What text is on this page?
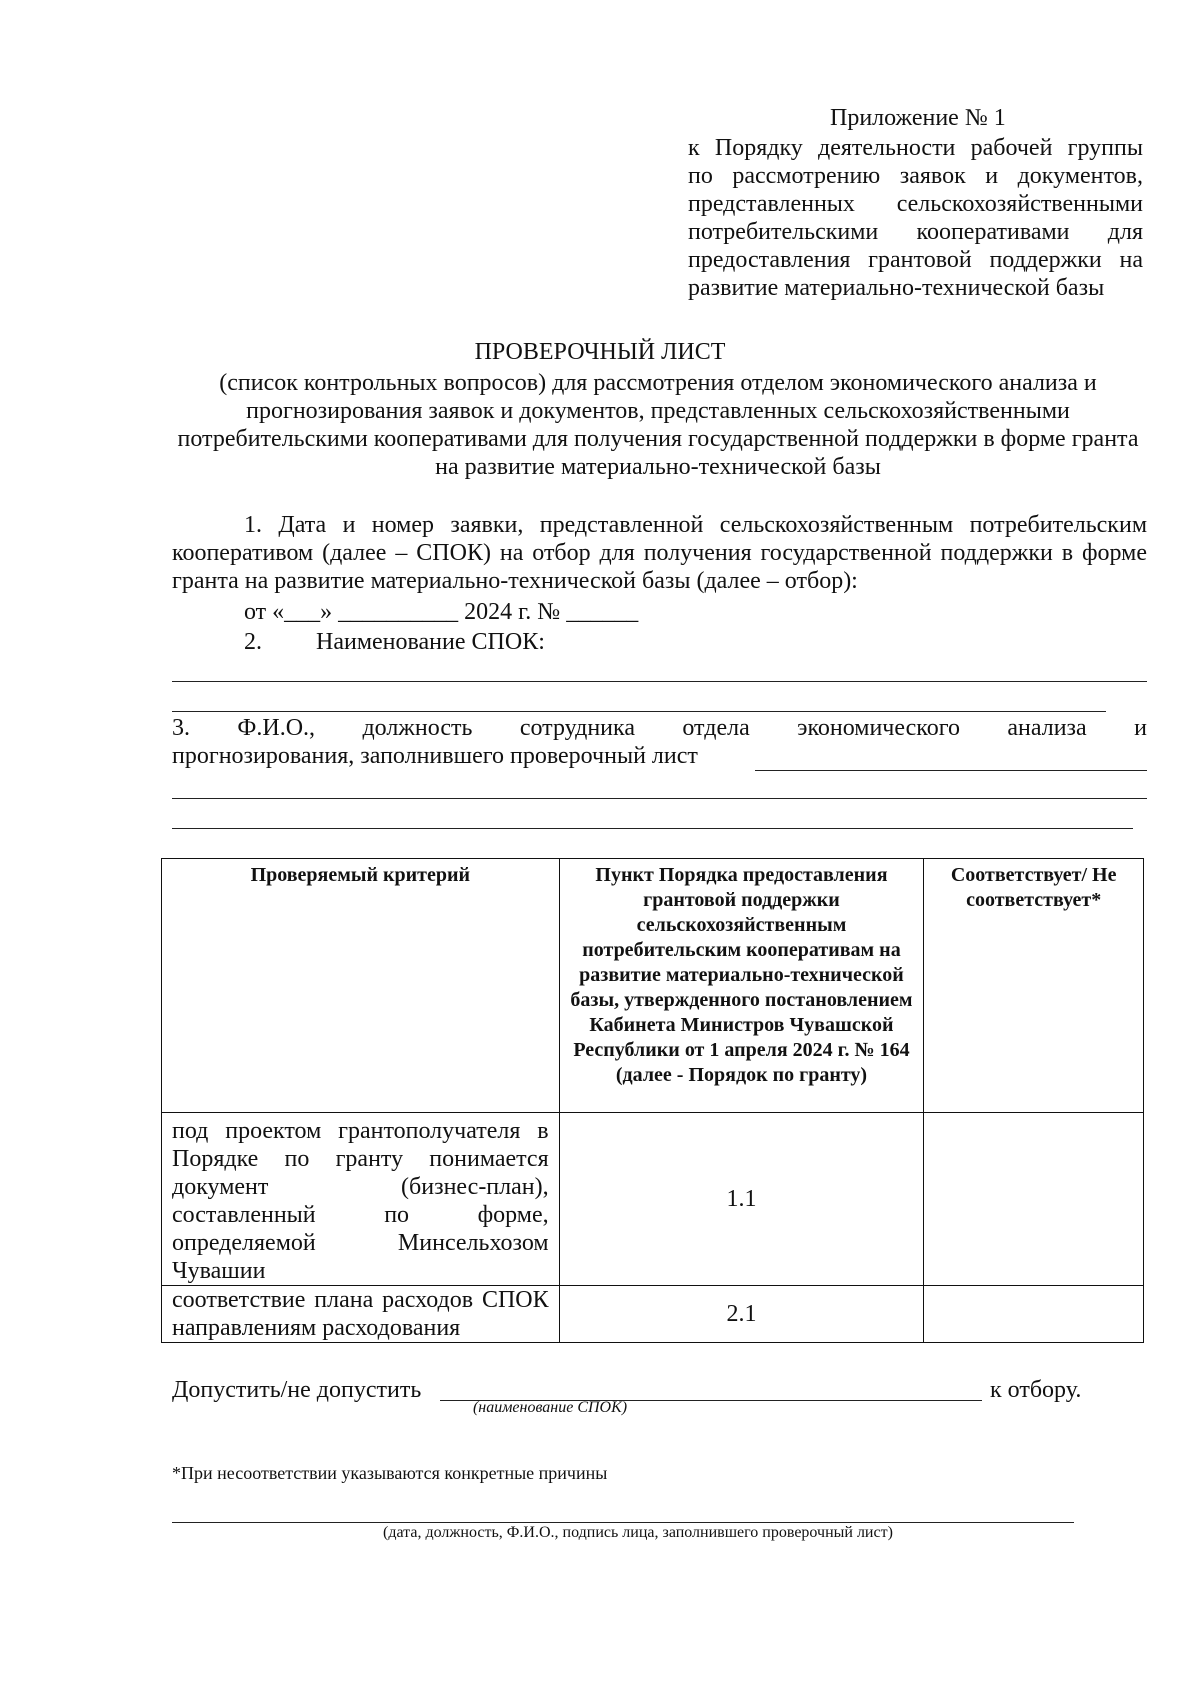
Приложение № 1
к Порядку деятельности рабочей группы
по рассмотрению заявок и документов,
представленных сельскохозяйственными
потребительскими кооперативами для
предоставления грантовой поддержки на
развитие материально-технической базы
ПРОВЕРОЧНЫЙ ЛИСТ
(список контрольных вопросов) для рассмотрения отделом экономического анализа и прогнозирования заявок и документов, представленных сельскохозяйственными потребительскими кооперативами для получения государственной поддержки в форме гранта на развитие материально-технической базы
1. Дата и номер заявки, представленной сельскохозяйственным потребительским кооперативом (далее – СПОК) на отбор для получения государственной поддержки в форме гранта на развитие материально-технической базы (далее – отбор):
от «___» __________ 2024 г. № ______
2. Наименование СПОК:
3. Ф.И.О., должность сотрудника отдела экономического анализа и
прогнозирования, заполнившего проверочный лист
Проверяемый критерий	Пункт Порядка предоставления грантовой поддержки сельскохозяйственным потребительским кооперативам на развитие материально-технической базы, утвержденного постановлением Кабинета Министров Чувашской Республики от 1 апреля 2024 г. № 164 (далее - Порядок по гранту)	Соответствует/ Не соответствует*

под проектом грантополучателя в Порядке по гранту понимается документ (бизнес-план), составленный по форме, определяемой Минсельхозом Чувашии	1.1	

соответствие плана расходов СПОК направлениям расходования	2.1	
Допустить/не допустить	к отбору.
(наименование СПОК)
*При несоответствии указываются конкретные причины
(дата, должность, Ф.И.О., подпись лица, заполнившего проверочный лист)
